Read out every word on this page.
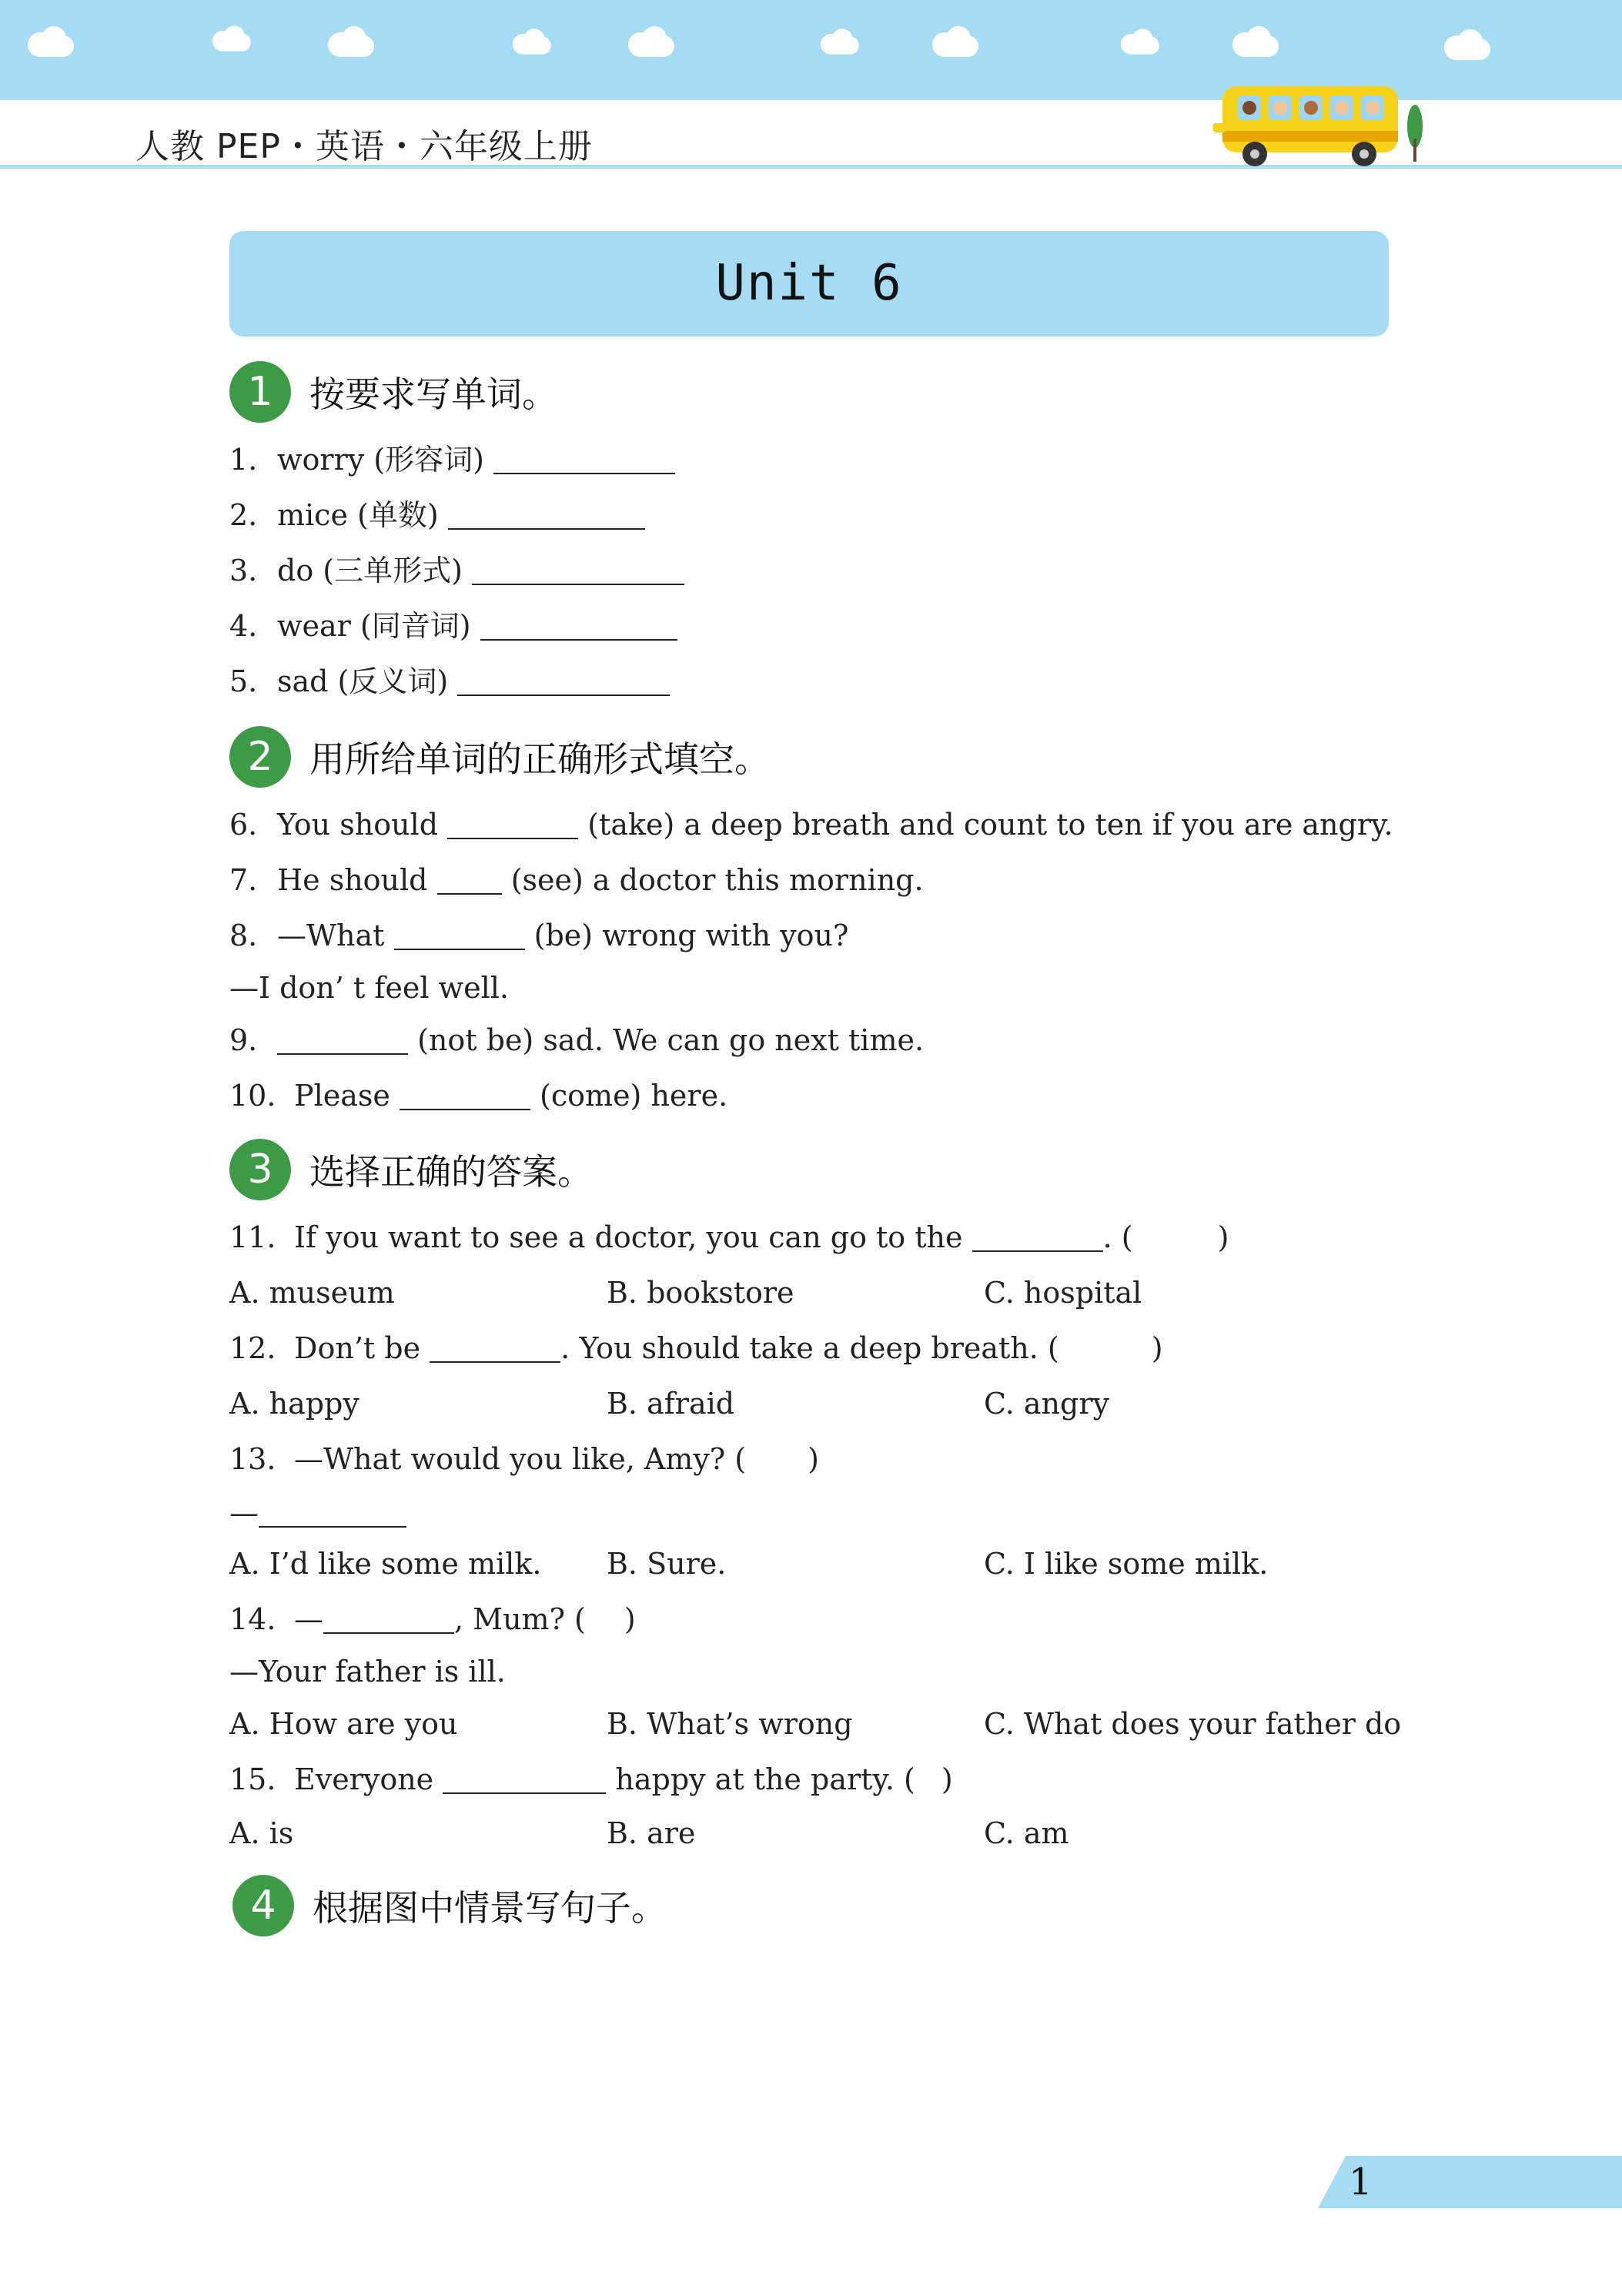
人教 PEP・英语・六年级上册
Unit 6
1	按要求写单词。
1. worry (形容词)
2. mice (单数)
3. do (三单形式)
4. wear (同音词)
5. sad (反义词)
2	用所给单词的正确形式填空。
6. You should	(take) a deep breath and count to ten if you are angry.
7. He should	(see) a doctor this morning.
8. —What	(be) wrong with you?
—I don’ t feel well.
9.	(not be) sad. We can go next time.
10. Please	(come) here.
3	选择正确的答案。
11. If you want to see a doctor, you can go to the	. (	)
A. museum	B. bookstore	C. hospital
12. Don’t be	. You should take a deep breath. (	)
A. happy	B. afraid	C. angry
13. —What would you like, Amy? ( )
—
A. I’d like some milk. B. Sure.	C. I like some milk.
14. —	, Mum? ( )
—Your father is ill.
A. How are you	B. What’s wrong	C. What does your father do
15. Everyone	happy at the party. ( )
A. is	B. are	C. am
4	根据图中情景写句子。
1
